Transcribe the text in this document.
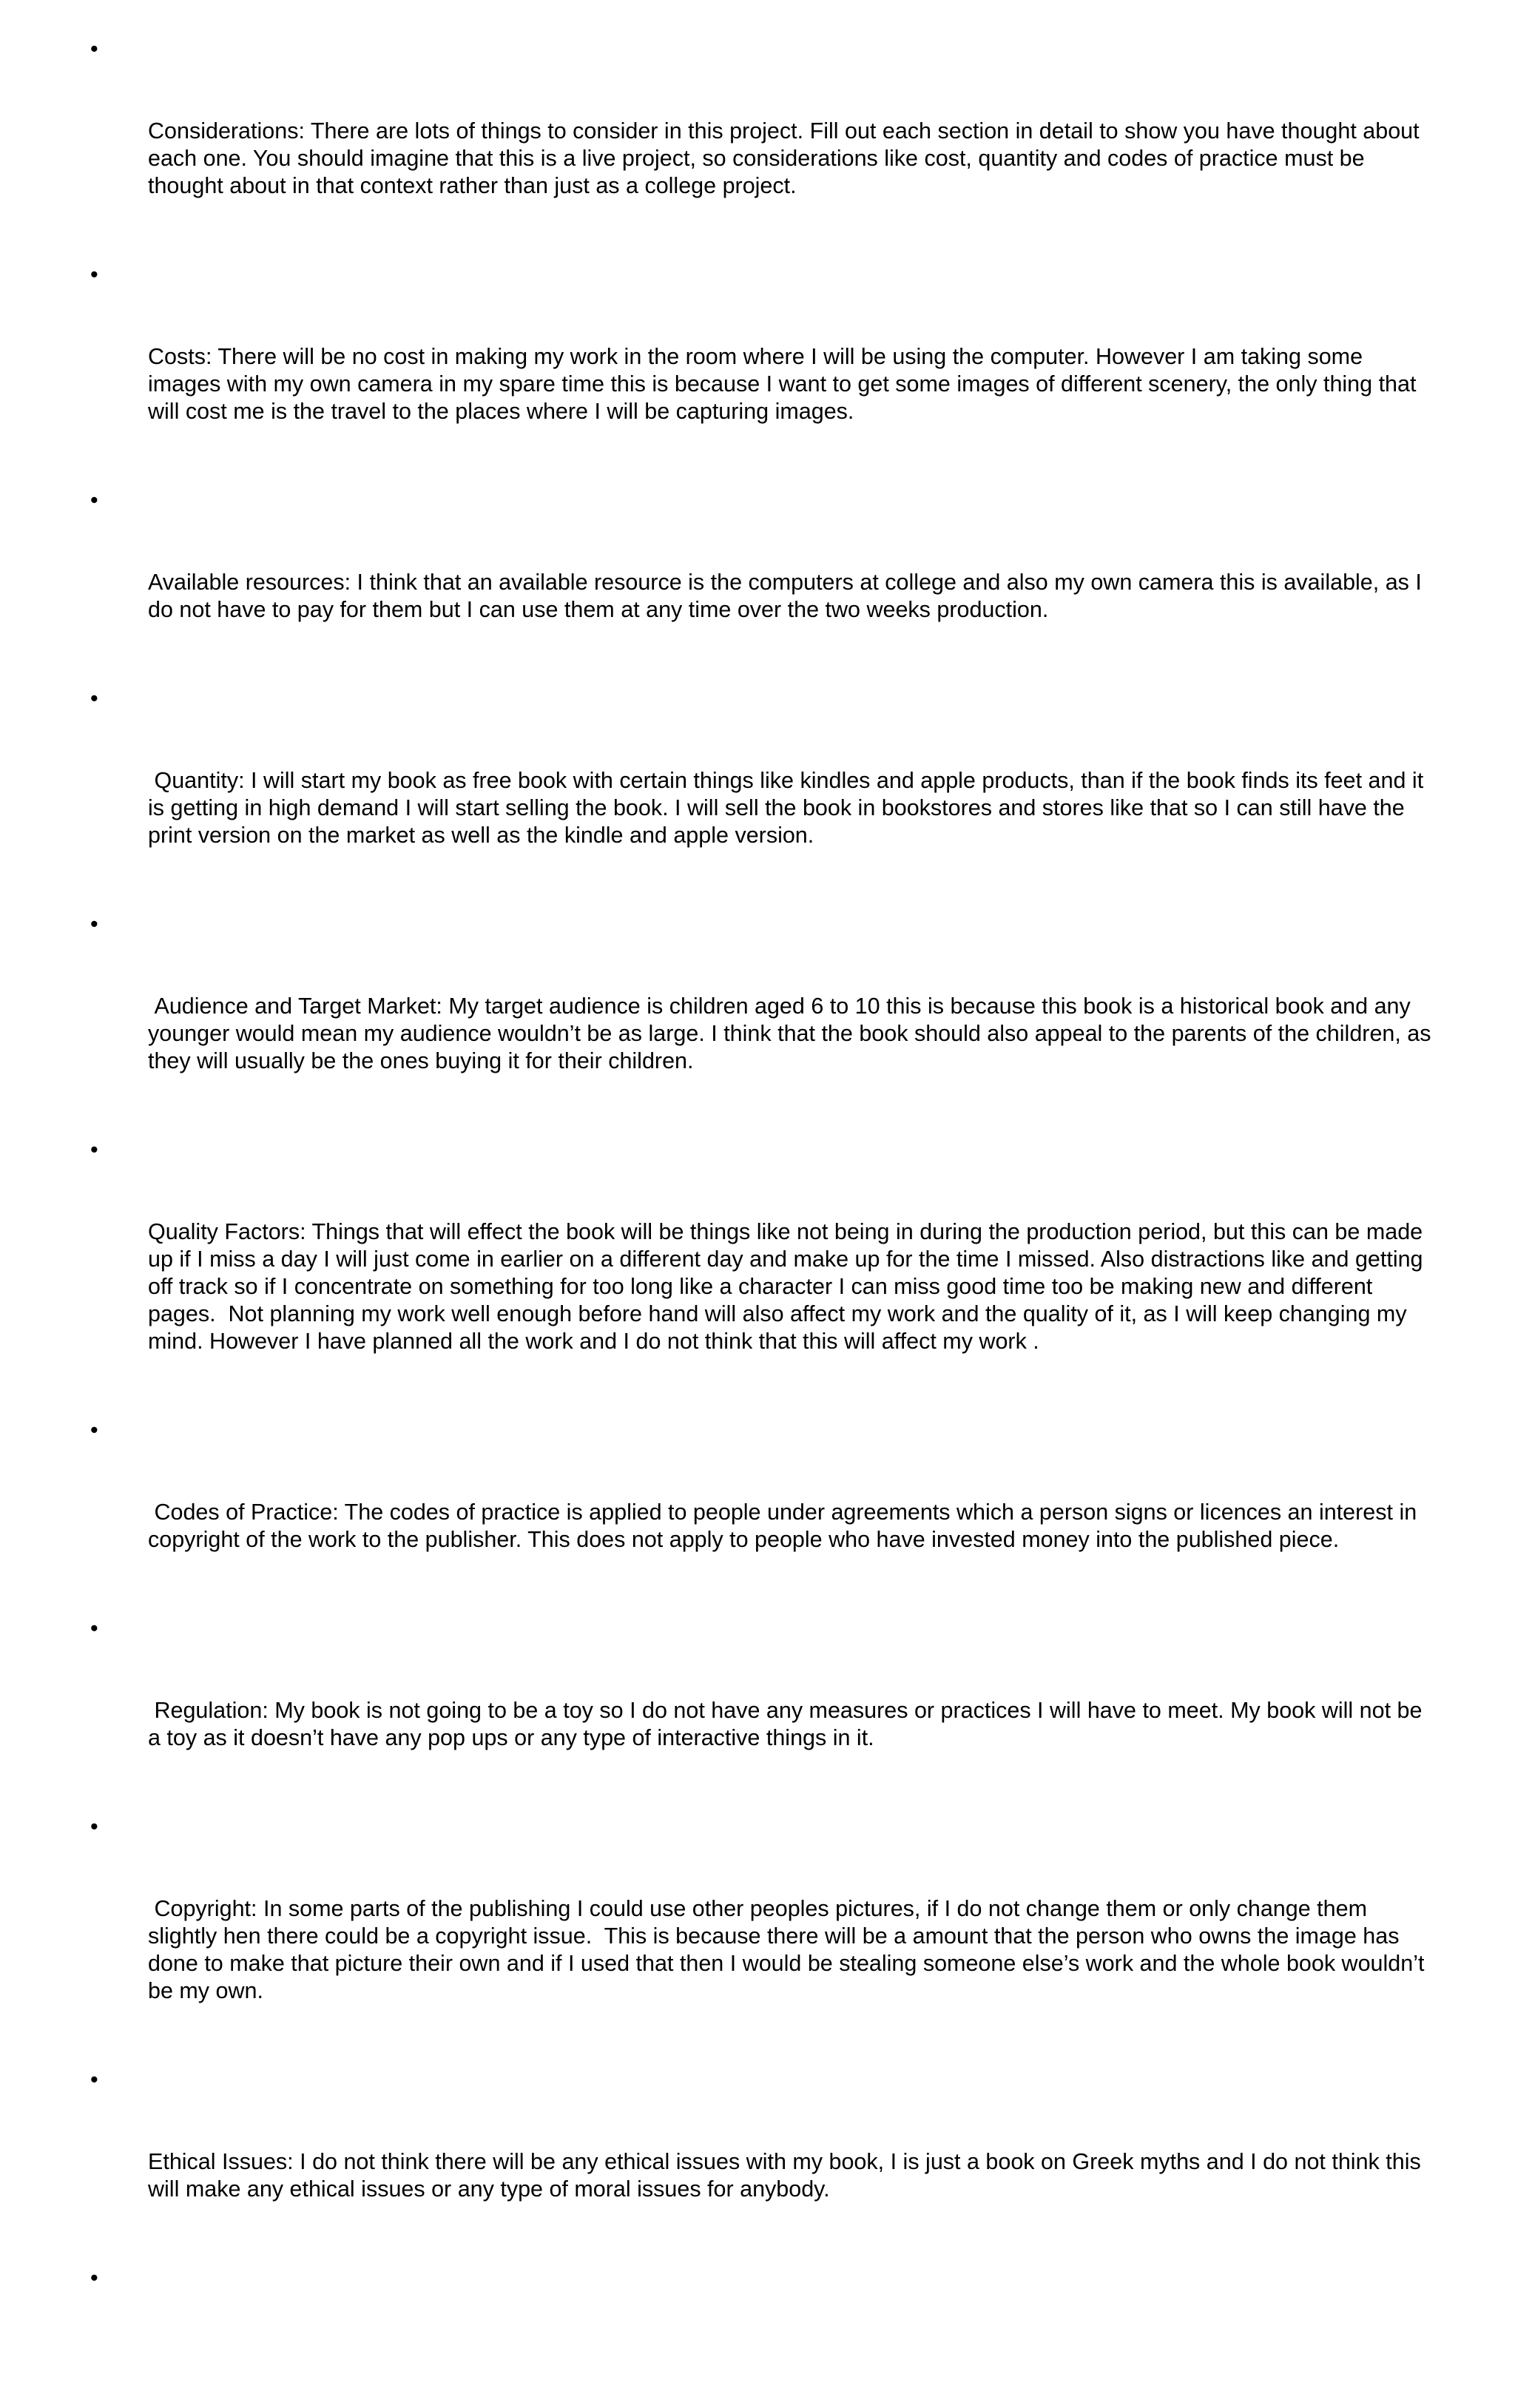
•

Considerations: There are lots of things to consider in this project. Fill out each section in detail to show you have thought about each one. You should imagine that this is a live project, so considerations like cost, quantity and codes of practice must be thought about in that context rather than just as a college project.

•

Costs: There will be no cost in making my work in the room where I will be using the computer. However I am taking some images with my own camera in my spare time this is because I want to get some images of different scenery, the only thing that will cost me is the travel to the places where I will be capturing images.

•

Available resources: I think that an available resource is the computers at college and also my own camera this is available, as I do not have to pay for them but I can use them at any time over the two weeks production.

•

Quantity: I will start my book as free book with certain things like kindles and apple products, than if the book finds its feet and it is getting in high demand I will start selling the book. I will sell the book in bookstores and stores like that so I can still have the print version on the market as well as the kindle and apple version.

•

Audience and Target Market: My target audience is children aged 6 to 10 this is because this book is a historical book and any younger would mean my audience wouldn’t be as large. I think that the book should also appeal to the parents of the children, as they will usually be the ones buying it for their children.

•

Quality Factors: Things that will effect the book will be things like not being in during the production period, but this can be made up if I miss a day I will just come in earlier on a different day and make up for the time I missed. Also distractions like and getting off track so if I concentrate on something for too long like a character I can miss good time too be making new and different pages.  Not planning my work well enough before hand will also affect my work and the quality of it, as I will keep changing my mind. However I have planned all the work and I do not think that this will affect my work .

•

Codes of Practice: The codes of practice is applied to people under agreements which a person signs or licences an interest in copyright of the work to the publisher. This does not apply to people who have invested money into the published piece.

•

Regulation: My book is not going to be a toy so I do not have any measures or practices I will have to meet. My book will not be a toy as it doesn’t have any pop ups or any type of interactive things in it.

•

Copyright: In some parts of the publishing I could use other peoples pictures, if I do not change them or only change them slightly hen there could be a copyright issue.  This is because there will be a amount that the person who owns the image has done to make that picture their own and if I used that then I would be stealing someone else’s work and the whole book wouldn’t be my own.

•

Ethical Issues: I do not think there will be any ethical issues with my book, I is just a book on Greek myths and I do not think this will make any ethical issues or any type of moral issues for anybody.

•
